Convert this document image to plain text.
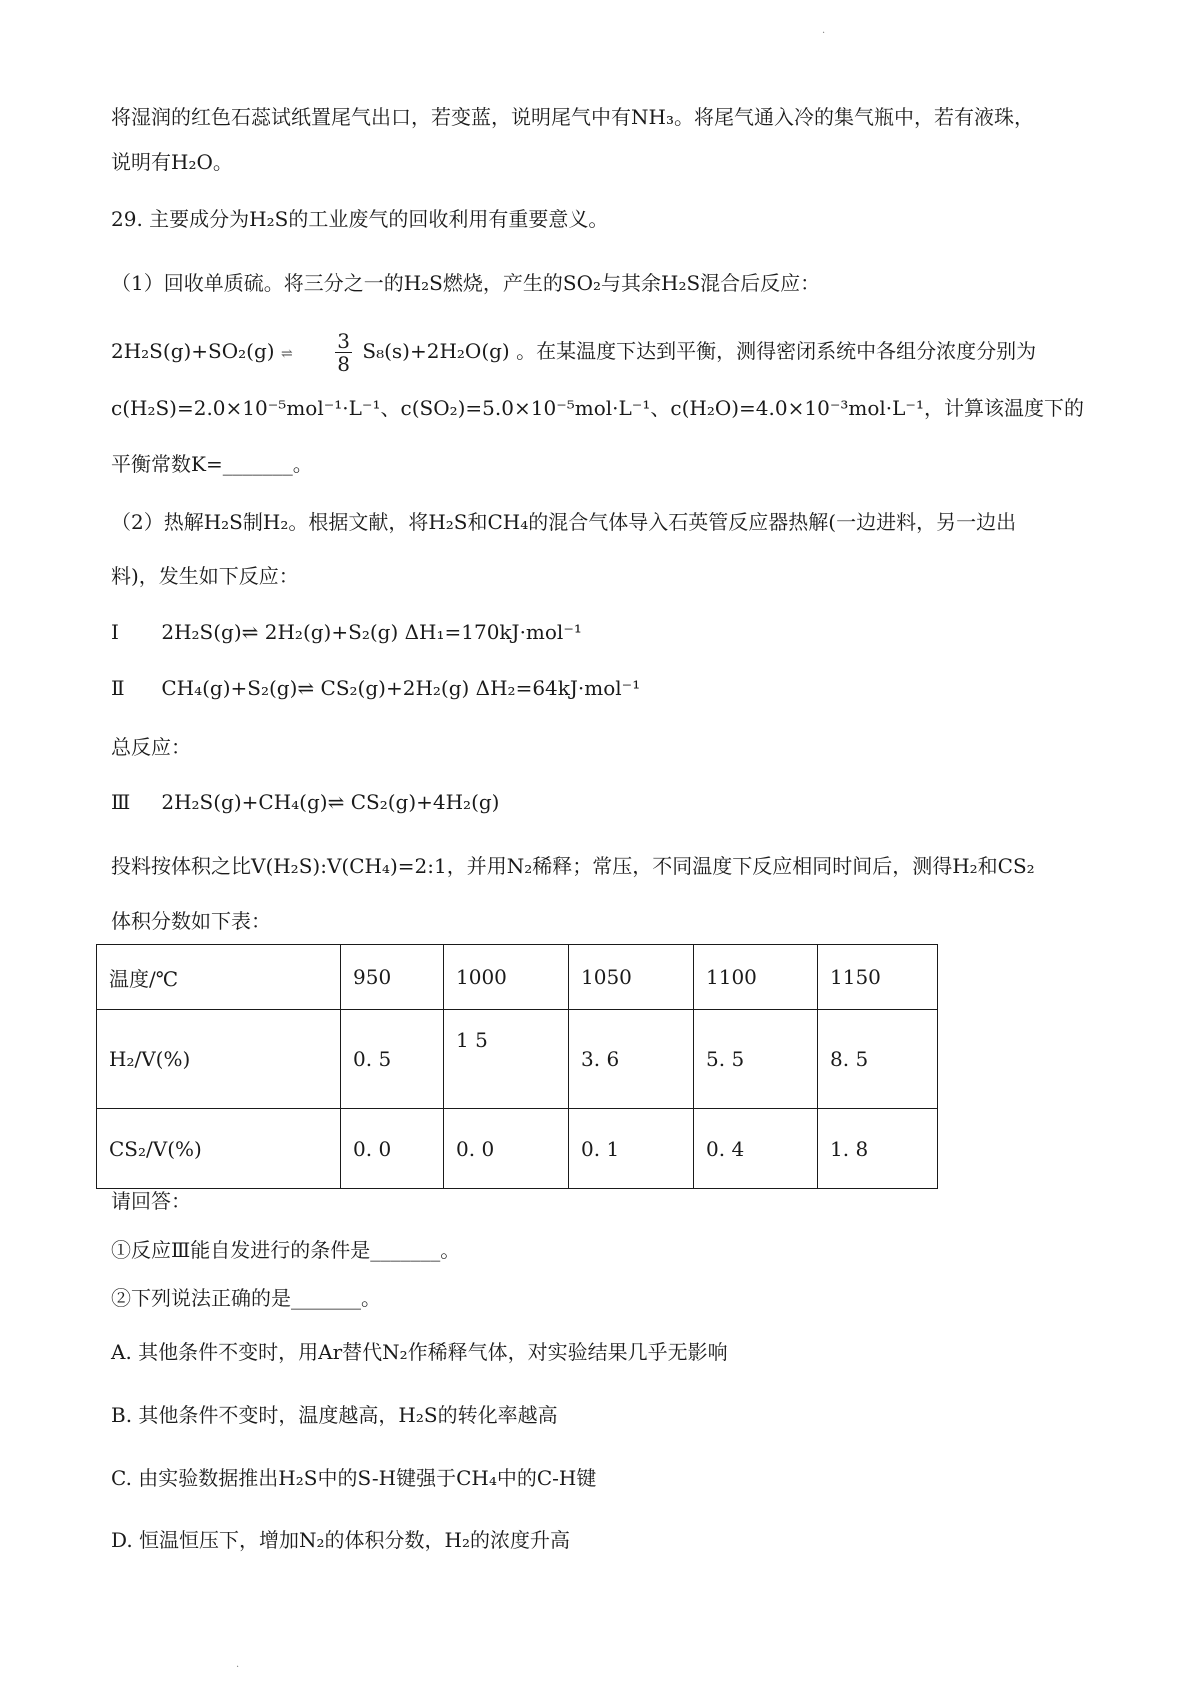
·
将湿润的红色石蕊试纸置尾气出口，若变蓝，说明尾气中有NH₃。将尾气通入冷的集气瓶中，若有液珠，
说明有H₂O。
29. 主要成分为H₂S的工业废气的回收利用有重要意义。
（1）回收单质硫。将三分之一的H₂S燃烧，产生的SO₂与其余H₂S混合后反应：
2H₂S(g)+SO₂(g) ⇌ $\frac{3}{8} S_8(s)+2H_2O(g)$ 。在某温度下达到平衡，测得密闭系统中各组分浓度分别为
c(H₂S)=2.0×10⁻⁵mol⁻¹·L⁻¹、c(SO₂)=5.0×10⁻⁵mol·L⁻¹、c(H₂O)=4.0×10⁻³mol·L⁻¹，计算该温度下的
平衡常数K=_______。
（2）热解H₂S制H₂。根据文献，将H₂S和CH₄的混合气体导入石英管反应器热解(一边进料，另一边出
料)，发生如下反应：
Ⅰ 2H₂S(g)⇌ 2H₂(g)+S₂(g) ΔH₁=170kJ·mol⁻¹
Ⅱ CH₄(g)+S₂(g)⇌ CS₂(g)+2H₂(g) ΔH₂=64kJ·mol⁻¹
总反应：
Ⅲ 2H₂S(g)+CH₄(g)⇌ CS₂(g)+4H₂(g)
投料按体积之比V(H₂S):V(CH₄)=2:1，并用N₂稀释；常压，不同温度下反应相同时间后，测得H₂和CS₂
体积分数如下表：
温度/℃	950	1000	1050	1100	1150
H₂/V(%)	0. 5	1 5	3. 6	5. 5	8. 5
CS₂/V(%)	0. 0	0. 0	0. 1	0. 4	1. 8
请回答：
①反应Ⅲ能自发进行的条件是_______。
②下列说法正确的是_______。
A. 其他条件不变时，用Ar替代N₂作稀释气体，对实验结果几乎无影响
B. 其他条件不变时，温度越高，H₂S的转化率越高
C. 由实验数据推出H₂S中的S-H键强于CH₄中的C-H键
D. 恒温恒压下，增加N₂的体积分数，H₂的浓度升高
·
